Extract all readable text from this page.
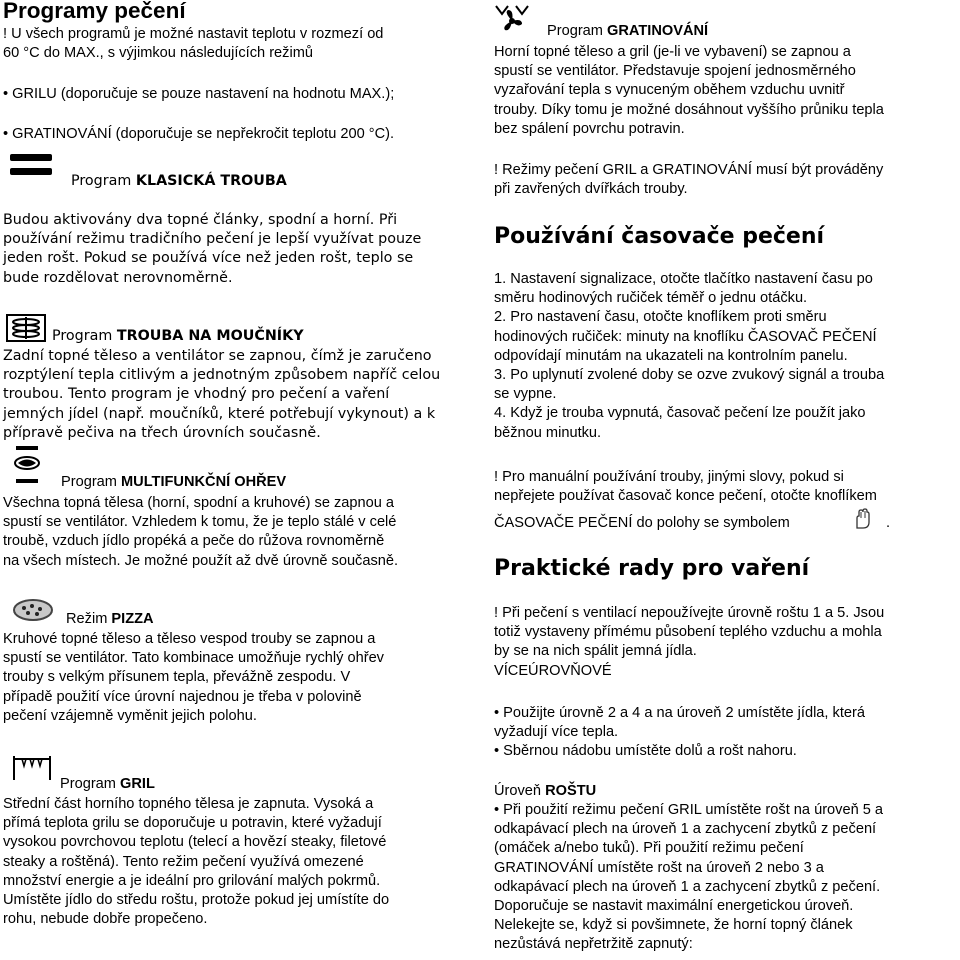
Programy pečení
! U všech programů je možné nastavit teplotu v rozmezí od
60 °C do MAX., s výjimkou následujících režimů
• GRILU (doporučuje se pouze nastavení na hodnotu MAX.);
• GRATINOVÁNÍ (doporučuje se nepřekročit teplotu 200 °C).
Program KLASICKÁ TROUBA
Budou aktivovány dva topné články, spodní a horní. Při
používání režimu tradičního pečení je lepší využívat pouze
jeden rošt. Pokud se používá více než jeden rošt, teplo se
bude rozdělovat nerovnoměrně.
Program TROUBA NA MOUČNÍKY
Zadní topné těleso a ventilátor se zapnou, čímž je zaručeno
rozptýlení tepla citlivým a jednotným způsobem napříč celou
troubou. Tento program je vhodný pro pečení a vaření
jemných jídel (např. moučníků, které potřebují vykynout) a k
přípravě pečiva na třech úrovních současně.
Program MULTIFUNKČNÍ OHŘEV
Všechna topná tělesa (horní, spodní a kruhové) se zapnou a
spustí se ventilátor. Vzhledem k tomu, že je teplo stálé v celé
troubě, vzduch jídlo propéká a peče do růžova rovnoměrně
na všech místech. Je možné použít až dvě úrovně současně.
Režim PIZZA
Kruhové topné těleso a těleso vespod trouby se zapnou a
spustí se ventilátor. Tato kombinace umožňuje rychlý ohřev
trouby s velkým přísunem tepla, převážně zespodu. V
případě použití více úrovní najednou je třeba v polovině
pečení vzájemně vyměnit jejich polohu.
Program GRIL
Střední část horního topného tělesa je zapnuta. Vysoká a
přímá teplota grilu se doporučuje u potravin, které vyžadují
vysokou povrchovou teplotu (telecí a hovězí steaky, filetové
steaky a roštěná). Tento režim pečení využívá omezené
množství energie a je ideální pro grilování malých pokrmů.
Umístěte jídlo do středu roštu, protože pokud jej umístíte do
rohu, nebude dobře propečeno.
Program GRATINOVÁNÍ
Horní topné těleso a gril (je-li ve vybavení) se zapnou a
spustí se ventilátor. Představuje spojení jednosměrného
vyzařování tepla s vynuceným oběhem vzduchu uvnitř
trouby. Díky tomu je možné dosáhnout vyššího průniku tepla
bez spálení povrchu potravin.
! Režimy pečení GRIL a GRATINOVÁNÍ musí být prováděny
při zavřených dvířkách trouby.
Používání časovače pečení
1. Nastavení signalizace, otočte tlačítko nastavení času po
směru hodinových ručiček téměř o jednu otáčku.
2. Pro nastavení času, otočte knoflíkem proti směru
hodinových ručiček: minuty na knoflíku ČASOVAČ PEČENÍ
odpovídají minutám na ukazateli na kontrolním panelu.
3. Po uplynutí zvolené doby se ozve zvukový signál a trouba
se vypne.
4. Když je trouba vypnutá, časovač pečení lze použít jako
běžnou minutku.
! Pro manuální používání trouby, jinými slovy, pokud si
nepřejete používat časovač konce pečení, otočte knoflíkem
ČASOVAČE PEČENÍ do polohy se symbolem	.
Praktické rady pro vaření
! Při pečení s ventilací nepoužívejte úrovně roštu 1 a 5. Jsou
totiž vystaveny přímému působení teplého vzduchu a mohla
by se na nich spálit jemná jídla.
VÍCEÚROVŇOVÉ
• Použijte úrovně 2 a 4 a na úroveň 2 umístěte jídla, která
vyžadují více tepla.
• Sběrnou nádobu umístěte dolů a rošt nahoru.
Úroveň ROŠTU
• Při použití režimu pečení GRIL umístěte rošt na úroveň 5 a
odkapávací plech na úroveň 1 a zachycení zbytků z pečení
(omáček a/nebo tuků). Při použití režimu pečení
GRATINOVÁNÍ umístěte rošt na úroveň 2 nebo 3 a
odkapávací plech na úroveň 1 a zachycení zbytků z pečení.
Doporučuje se nastavit maximální energetickou úroveň.
Nelekejte se, když si povšimnete, že horní topný článek
nezůstává nepřetržitě zapnutý:
